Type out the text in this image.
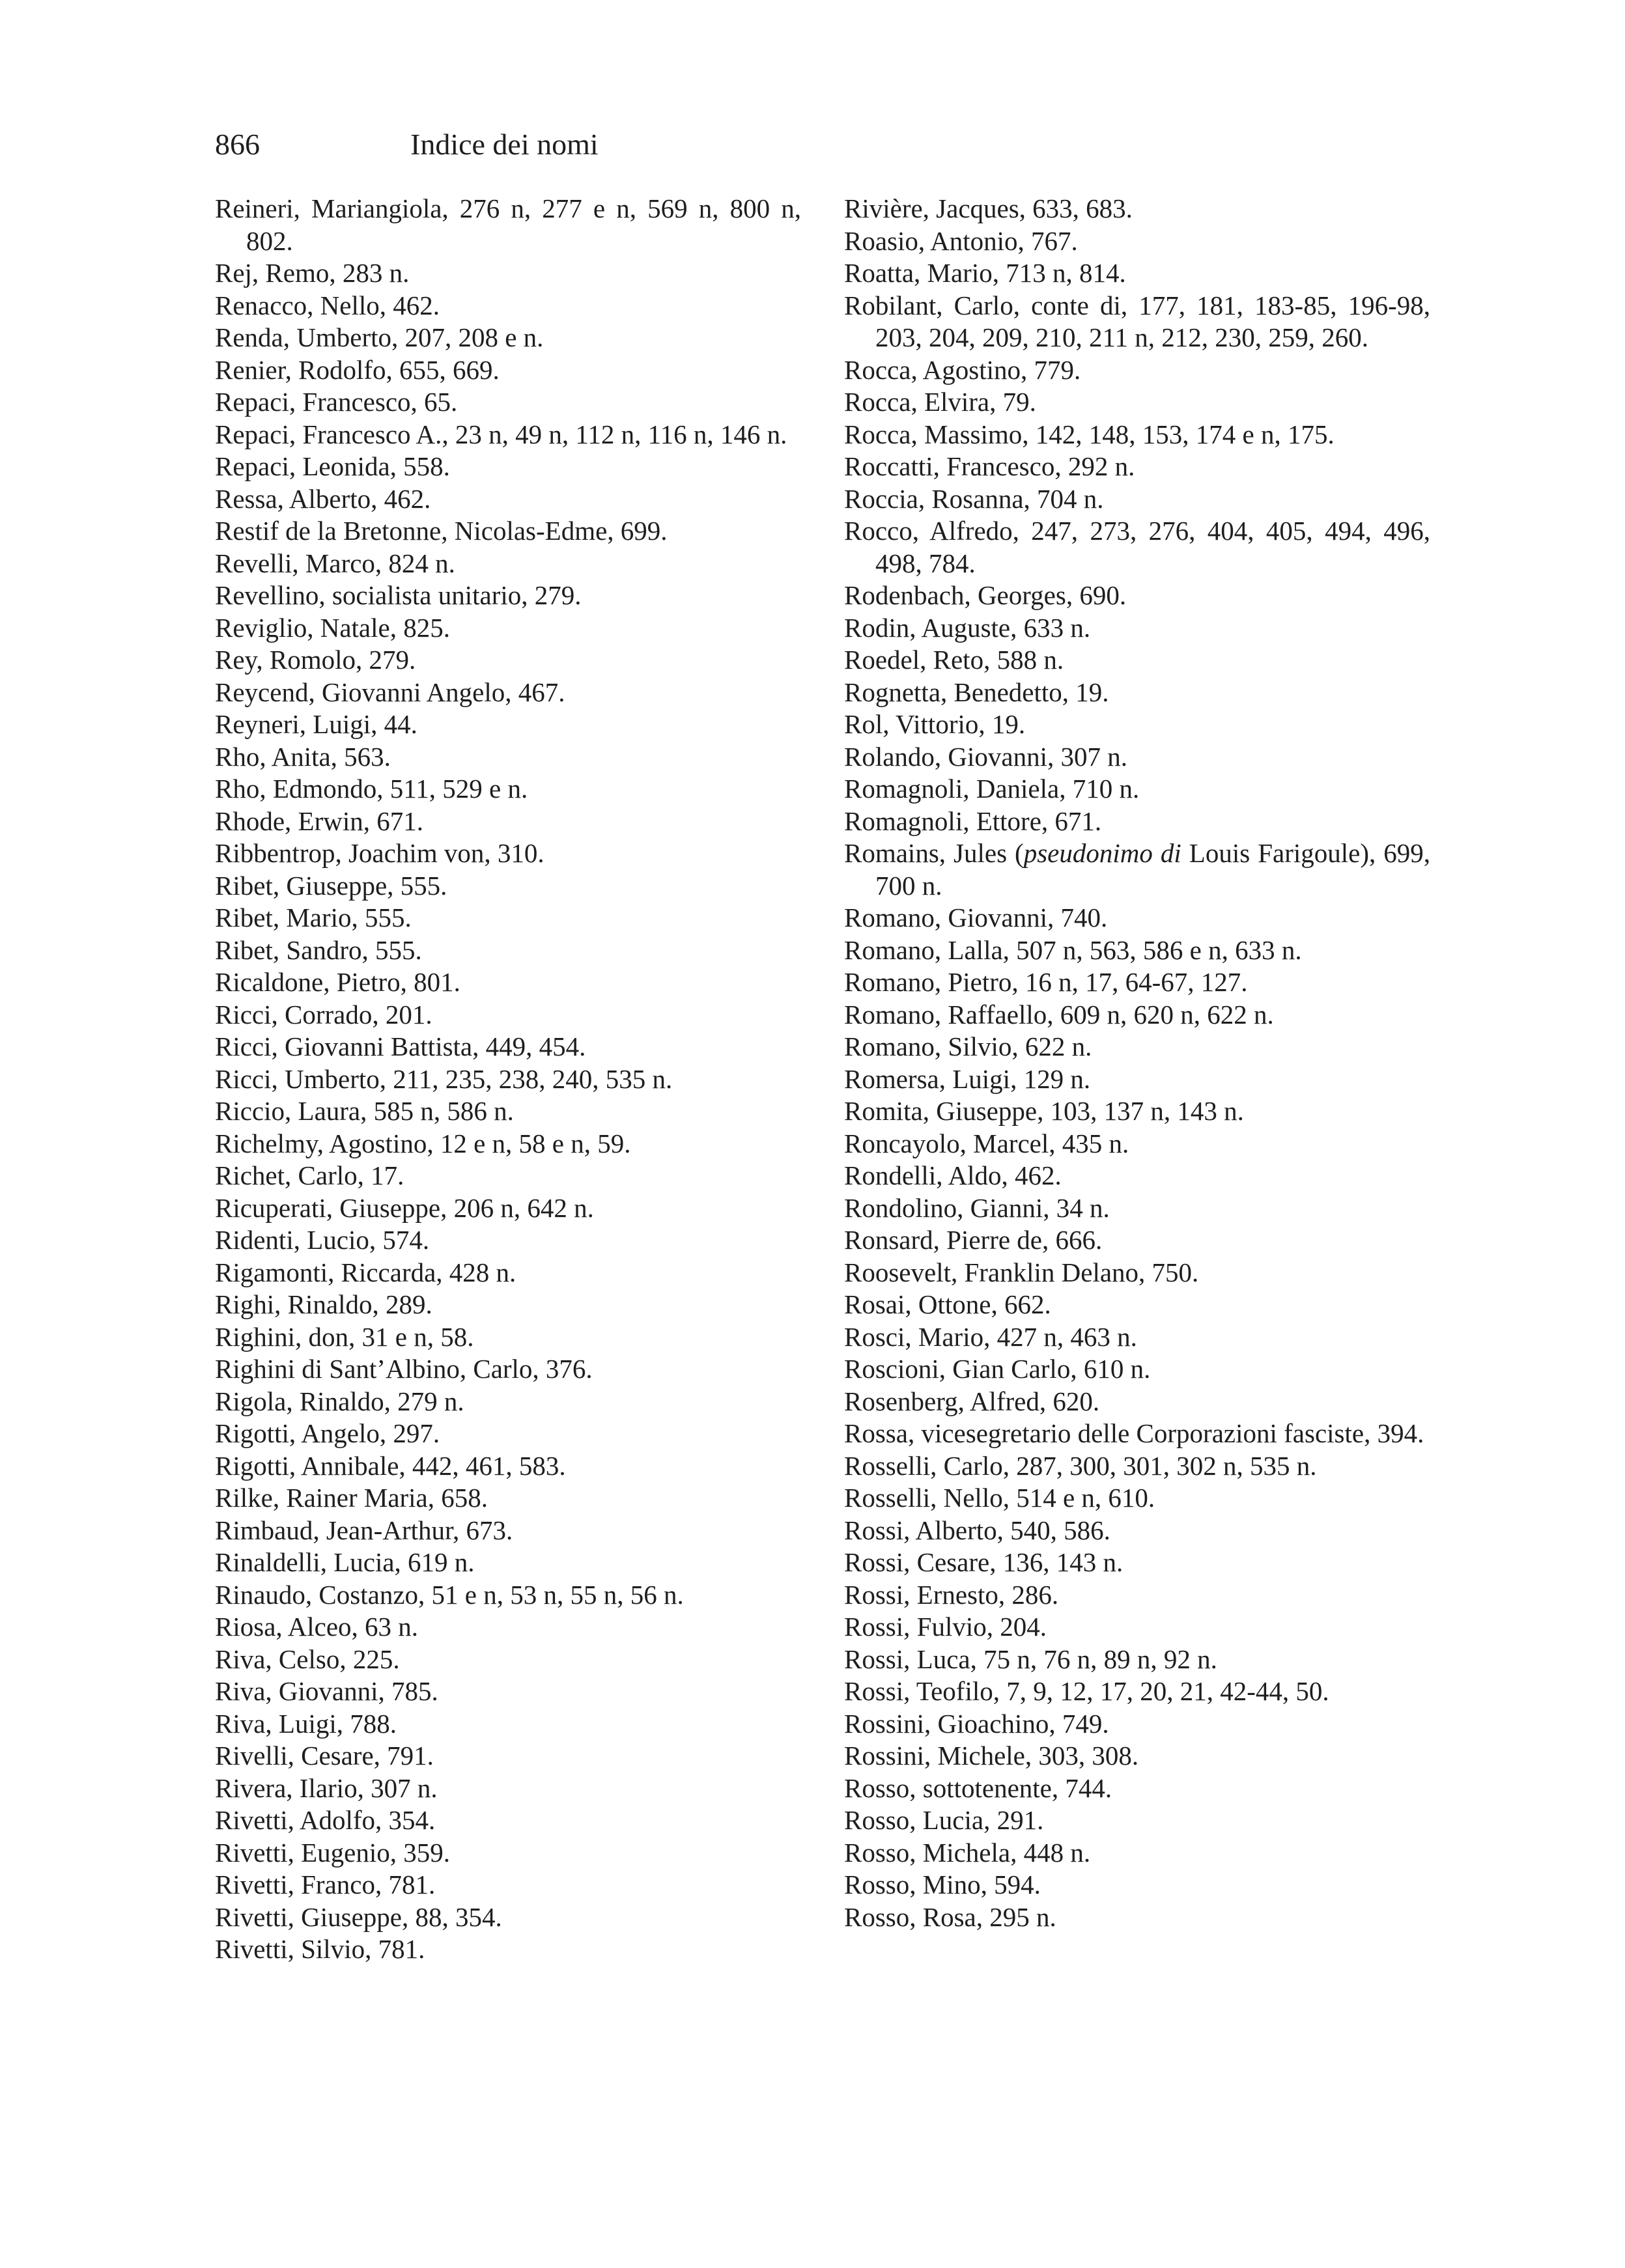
866	Indice dei nomi

Reineri, Mariangiola, 276 n, 277 e n, 569 n, 800 n, 802.

Rej, Remo, 283 n.

Renacco, Nello, 462.

Renda, Umberto, 207, 208 e n.

Renier, Rodolfo, 655, 669.

Repaci, Francesco, 65.

Repaci, Francesco A., 23 n, 49 n, 112 n, 116 n, 146 n.

Repaci, Leonida, 558.

Ressa, Alberto, 462.

Restif de la Bretonne, Nicolas-Edme, 699.

Revelli, Marco, 824 n.

Revellino, socialista unitario, 279.

Reviglio, Natale, 825.

Rey, Romolo, 279.

Reycend, Giovanni Angelo, 467.

Reyneri, Luigi, 44.

Rho, Anita, 563.

Rho, Edmondo, 511, 529 e n.

Rhode, Erwin, 671.

Ribbentrop, Joachim von, 310.

Ribet, Giuseppe, 555.

Ribet, Mario, 555.

Ribet, Sandro, 555.

Ricaldone, Pietro, 801.

Ricci, Corrado, 201.

Ricci, Giovanni Battista, 449, 454.

Ricci, Umberto, 211, 235, 238, 240, 535 n.

Riccio, Laura, 585 n, 586 n.

Richelmy, Agostino, 12 e n, 58 e n, 59.

Richet, Carlo, 17.

Ricuperati, Giuseppe, 206 n, 642 n.

Ridenti, Lucio, 574.

Rigamonti, Riccarda, 428 n.

Righi, Rinaldo, 289.

Righini, don, 31 e n, 58.

Righini di Sant’Albino, Carlo, 376.

Rigola, Rinaldo, 279 n.

Rigotti, Angelo, 297.

Rigotti, Annibale, 442, 461, 583.

Rilke, Rainer Maria, 658.

Rimbaud, Jean-Arthur, 673.

Rinaldelli, Lucia, 619 n.

Rinaudo, Costanzo, 51 e n, 53 n, 55 n, 56 n.

Riosa, Alceo, 63 n.

Riva, Celso, 225.

Riva, Giovanni, 785.

Riva, Luigi, 788.

Rivelli, Cesare, 791.

Rivera, Ilario, 307 n.

Rivetti, Adolfo, 354.

Rivetti, Eugenio, 359.

Rivetti, Franco, 781.

Rivetti, Giuseppe, 88, 354.

Rivetti, Silvio, 781.

Rivière, Jacques, 633, 683.

Roasio, Antonio, 767.

Roatta, Mario, 713 n, 814.

Robilant, Carlo, conte di, 177, 181, 183-85, 196-98, 203, 204, 209, 210, 211 n, 212, 230, 259, 260.

Rocca, Agostino, 779.

Rocca, Elvira, 79.

Rocca, Massimo, 142, 148, 153, 174 e n, 175.

Roccatti, Francesco, 292 n.

Roccia, Rosanna, 704 n.

Rocco, Alfredo, 247, 273, 276, 404, 405, 494, 496, 498, 784.

Rodenbach, Georges, 690.

Rodin, Auguste, 633 n.

Roedel, Reto, 588 n.

Rognetta, Benedetto, 19.

Rol, Vittorio, 19.

Rolando, Giovanni, 307 n.

Romagnoli, Daniela, 710 n.

Romagnoli, Ettore, 671.

Romains, Jules (pseudonimo di Louis Farigoule), 699, 700 n.

Romano, Giovanni, 740.

Romano, Lalla, 507 n, 563, 586 e n, 633 n.

Romano, Pietro, 16 n, 17, 64-67, 127.

Romano, Raffaello, 609 n, 620 n, 622 n.

Romano, Silvio, 622 n.

Romersa, Luigi, 129 n.

Romita, Giuseppe, 103, 137 n, 143 n.

Roncayolo, Marcel, 435 n.

Rondelli, Aldo, 462.

Rondolino, Gianni, 34 n.

Ronsard, Pierre de, 666.

Roosevelt, Franklin Delano, 750.

Rosai, Ottone, 662.

Rosci, Mario, 427 n, 463 n.

Roscioni, Gian Carlo, 610 n.

Rosenberg, Alfred, 620.

Rossa, vicesegretario delle Corporazioni fasciste, 394.

Rosselli, Carlo, 287, 300, 301, 302 n, 535 n.

Rosselli, Nello, 514 e n, 610.

Rossi, Alberto, 540, 586.

Rossi, Cesare, 136, 143 n.

Rossi, Ernesto, 286.

Rossi, Fulvio, 204.

Rossi, Luca, 75 n, 76 n, 89 n, 92 n.

Rossi, Teofilo, 7, 9, 12, 17, 20, 21, 42-44, 50.

Rossini, Gioachino, 749.

Rossini, Michele, 303, 308.

Rosso, sottotenente, 744.

Rosso, Lucia, 291.

Rosso, Michela, 448 n.

Rosso, Mino, 594.

Rosso, Rosa, 295 n.
